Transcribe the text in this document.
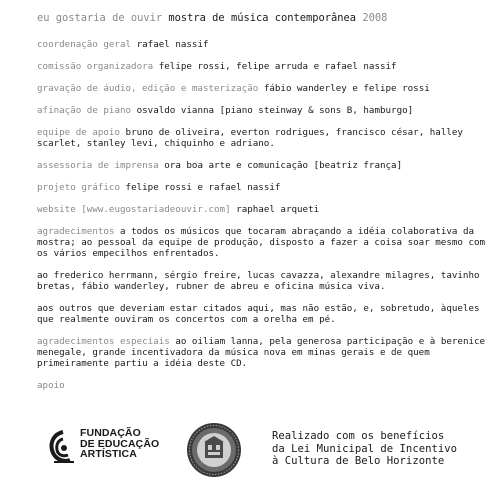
eu gostaria de ouvir mostra de música contemporânea 2008
coordenação geral rafael nassif
comissão organizadora felipe rossi, felipe arruda e rafael nassif
gravação de áudio, edição e masterização fábio wanderley e felipe rossi
afinação de piano osvaldo vianna [piano steinway & sons B, hamburgo]
equipe de apoio bruno de oliveira, everton rodrigues, francisco césar, halley scarlet, stanley levi, chiquinho e adriano.
assessoria de imprensa ora boa arte e comunicação [beatriz frança]
projeto gráfico felipe rossi e rafael nassif
website [www.eugostariadeouvir.com] raphael arqueti
agradecimentos a todos os músicos que tocaram abraçando a idéia colaborativa da mostra; ao pessoal da equipe de produção, disposto a fazer a coisa soar mesmo com os vários empecilhos enfrentados.
ao frederico herrmann, sérgio freire, lucas cavazza, alexandre milagres, tavinho bretas, fábio wanderley, rubner de abreu e oficina música viva.
aos outros que deveriam estar citados aqui, mas não estão, e, sobretudo, àqueles que realmente ouviram os concertos com a orelha em pé.
agradecimentos especiais ao oiliam lanna, pela generosa participação e à berenice menegale, grande incentivadora da música nova em minas gerais e de quem primeiramente partiu a idéia deste CD.
apoio
FUNDAÇÃO
DE EDUCAÇÃO
ARTÍSTICA
Realizado com os benefícios
da Lei Municipal de Incentivo
à Cultura de Belo Horizonte
